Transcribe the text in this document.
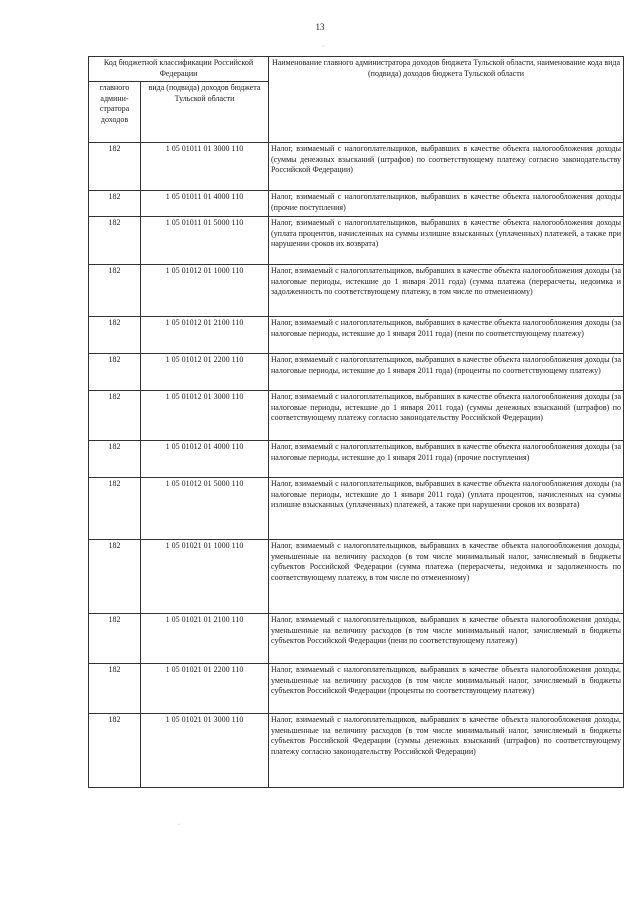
13
Код бюджетной классификации Российской Федерации		Наименование главного администратора доходов бюджета Тульской области, наименование кода вида (подвида) доходов бюджета Тульской области
главного админи-стратора доходов	вида (подвида) доходов бюджета Тульской области	
182	1 05 01011 01 3000 110	Налог, взимаемый с налогоплательщиков, выбравших в качестве объекта налогообложения доходы (суммы денежных взысканий (штрафов) по соответствующему платежу согласно законодательству Российской Федерации)
182	1 05 01011 01 4000 110	Налог, взимаемый с налогоплательщиков, выбравших в качестве объекта налогообложения доходы (прочие поступления)
182	1 05 01011 01 5000 110	Налог, взимаемый с налогоплательщиков, выбравших в качестве объекта налогообложения доходы (уплата процентов, начисленных на суммы излишне взысканных (уплаченных) платежей, а также при нарушении сроков их возврата)
182	1 05 01012 01 1000 110	Налог, взимаемый с налогоплательщиков, выбравших в качестве объекта налогообложения доходы (за налоговые периоды, истекшие до 1 января 2011 года) (сумма платежа (перерасчеты, недоимка и задолженность по соответствующему платежу, в том числе по отмененному)
182	1 05 01012 01 2100 110	Налог, взимаемый с налогоплательщиков, выбравших в качестве объекта налогообложения доходы (за налоговые периоды, истекшие до 1 января 2011 года) (пени по соответствующему платежу)
182	1 05 01012 01 2200 110	Налог, взимаемый с налогоплательщиков, выбравших в качестве объекта налогообложения доходы (за налоговые периоды, истекшие до 1 января 2011 года) (проценты по соответствующему платежу)
182	1 05 01012 01 3000 110	Налог, взимаемый с налогоплательщиков, выбравших в качестве объекта налогообложения доходы (за налоговые периоды, истекшие до 1 января 2011 года) (суммы денежных взысканий (штрафов) по соответствующему платежу согласно законодательству Российской Федерации)
182	1 05 01012 01 4000 110	Налог, взимаемый с налогоплательщиков, выбравших в качестве объекта налогообложения доходы (за налоговые периоды, истекшие до 1 января 2011 года) (прочие поступления)
182	1 05 01012 01 5000 110	Налог, взимаемый с налогоплательщиков, выбравших в качестве объекта налогообложения доходы (за налоговые периоды, истекшие до 1 января 2011 года) (уплата процентов, начисленных на суммы излишне взысканных (уплаченных) платежей, а также при нарушении сроков их возврата)
182	1 05 01021 01 1000 110	Налог, взимаемый с налогоплательщиков, выбравших в качестве объекта налогообложения доходы, уменьшенные на величину расходов (в том числе минимальный налог, зачисляемый в бюджеты субъектов Российской Федерации (сумма платежа (перерасчеты, недоимка и задолженность по соответствующему платежу, в том числе по отмененному)
182	1 05 01021 01 2100 110	Налог, взимаемый с налогоплательщиков, выбравших в качестве объекта налогообложения доходы, уменьшенные на величину расходов (в том числе минимальный налог, зачисляемый в бюджеты субъектов Российской Федерации (пени по соответствующему платежу)
182	1 05 01021 01 2200 110	Налог, взимаемый с налогоплательщиков, выбравших в качестве объекта налогообложения доходы, уменьшенные на величину расходов (в том числе минимальный налог, зачисляемый в бюджеты субъектов Российской Федерации (проценты по соответствующему платежу)
182	1 05 01021 01 3000 110	Налог, взимаемый с налогоплательщиков, выбравших в качестве объекта налогообложения доходы, уменьшенные на величину расходов (в том числе минимальный налог, зачисляемый в бюджеты субъектов Российской Федерации (суммы денежных взысканий (штрафов) по соответствующему платежу согласно законодательству Российской Федерации)
·
·
